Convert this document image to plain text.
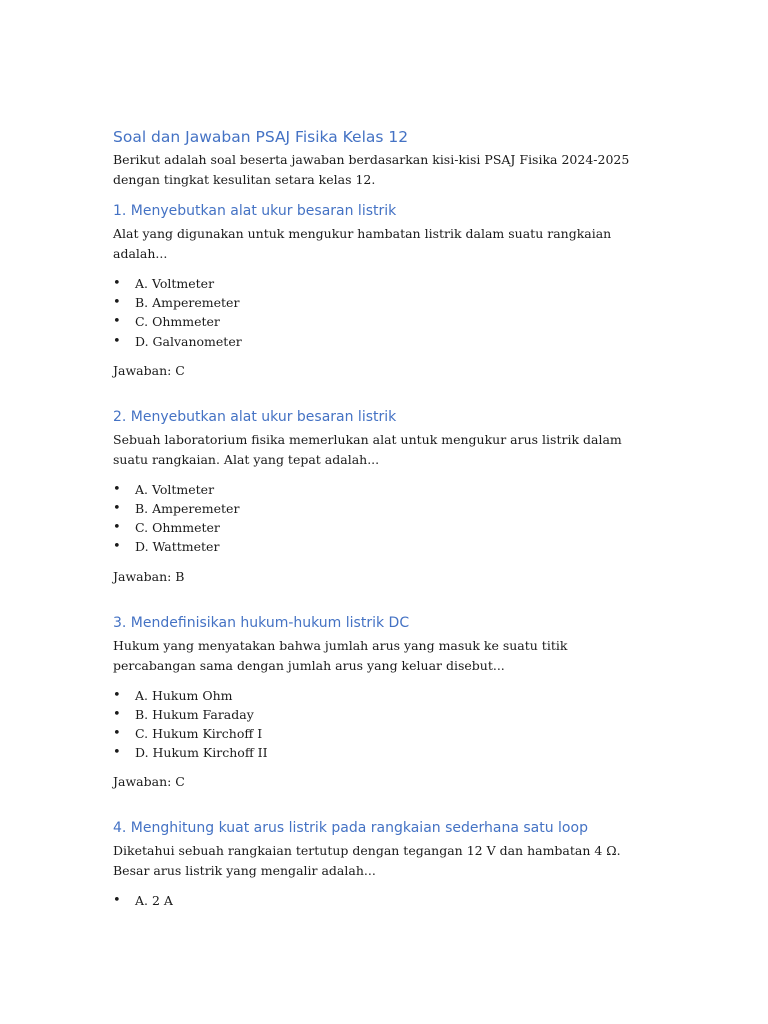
Soal dan Jawaban PSAJ Fisika Kelas 12

Berikut adalah soal beserta jawaban berdasarkan kisi-kisi PSAJ Fisika 2024-2025 dengan tingkat kesulitan setara kelas 12.

1. Menyebutkan alat ukur besaran listrik

Alat yang digunakan untuk mengukur hambatan listrik dalam suatu rangkaian adalah...

• A. Voltmeter
• B. Amperemeter
• C. Ohmmeter
• D. Galvanometer

Jawaban: C

2. Menyebutkan alat ukur besaran listrik

Sebuah laboratorium fisika memerlukan alat untuk mengukur arus listrik dalam suatu rangkaian. Alat yang tepat adalah...

• A. Voltmeter
• B. Amperemeter
• C. Ohmmeter
• D. Wattmeter

Jawaban: B

3. Mendefinisikan hukum-hukum listrik DC

Hukum yang menyatakan bahwa jumlah arus yang masuk ke suatu titik percabangan sama dengan jumlah arus yang keluar disebut...

• A. Hukum Ohm
• B. Hukum Faraday
• C. Hukum Kirchoff I
• D. Hukum Kirchoff II

Jawaban: C

4. Menghitung kuat arus listrik pada rangkaian sederhana satu loop

Diketahui sebuah rangkaian tertutup dengan tegangan 12 V dan hambatan 4 Ω. Besar arus listrik yang mengalir adalah...

• A. 2 A
